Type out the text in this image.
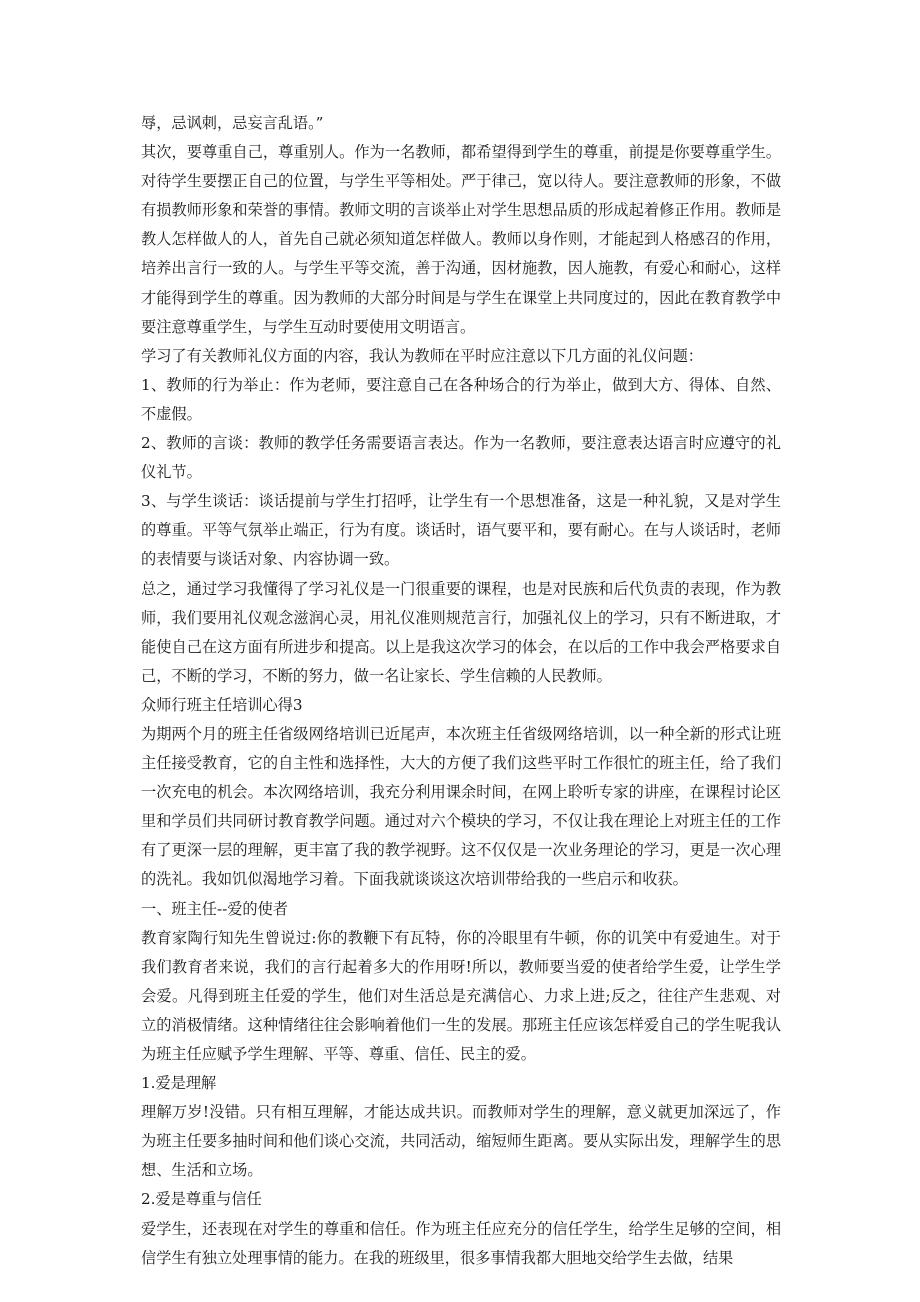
辱，忌讽刺，忌妄言乱语。”

其次，要尊重自己，尊重别人。作为一名教师，都希望得到学生的尊重，前提是你要尊重学生。对待学生要摆正自己的位置，与学生平等相处。严于律己，宽以待人。要注意教师的形象，不做有损教师形象和荣誉的事情。教师文明的言谈举止对学生思想品质的形成起着修正作用。教师是教人怎样做人的人，首先自己就必须知道怎样做人。教师以身作则，才能起到人格感召的作用，培养出言行一致的人。与学生平等交流，善于沟通，因材施教，因人施教，有爱心和耐心，这样才能得到学生的尊重。因为教师的大部分时间是与学生在课堂上共同度过的，因此在教育教学中要注意尊重学生，与学生互动时要使用文明语言。

学习了有关教师礼仪方面的内容，我认为教师在平时应注意以下几方面的礼仪问题：

1、教师的行为举止：作为老师，要注意自己在各种场合的行为举止，做到大方、得体、自然、不虚假。

2、教师的言谈：教师的教学任务需要语言表达。作为一名教师，要注意表达语言时应遵守的礼仪礼节。

3、与学生谈话：谈话提前与学生打招呼，让学生有一个思想准备，这是一种礼貌，又是对学生的尊重。平等气氛举止端正，行为有度。谈话时，语气要平和，要有耐心。在与人谈话时，老师的表情要与谈话对象、内容协调一致。

总之，通过学习我懂得了学习礼仪是一门很重要的课程，也是对民族和后代负责的表现，作为教师，我们要用礼仪观念滋润心灵，用礼仪准则规范言行，加强礼仪上的学习，只有不断进取，才能使自己在这方面有所进步和提高。以上是我这次学习的体会，在以后的工作中我会严格要求自己，不断的学习，不断的努力，做一名让家长、学生信赖的人民教师。

众师行班主任培训心得3

为期两个月的班主任省级网络培训已近尾声，本次班主任省级网络培训，以一种全新的形式让班主任接受教育，它的自主性和选择性，大大的方便了我们这些平时工作很忙的班主任，给了我们一次充电的机会。本次网络培训，我充分利用课余时间，在网上聆听专家的讲座，在课程讨论区里和学员们共同研讨教育教学问题。通过对六个模块的学习，不仅让我在理论上对班主任的工作有了更深一层的理解，更丰富了我的教学视野。这不仅仅是一次业务理论的学习，更是一次心理的洗礼。我如饥似渴地学习着。下面我就谈谈这次培训带给我的一些启示和收获。

一、班主任--爱的使者

教育家陶行知先生曾说过:你的教鞭下有瓦特，你的冷眼里有牛顿，你的讥笑中有爱迪生。对于我们教育者来说，我们的言行起着多大的作用呀!所以，教师要当爱的使者给学生爱，让学生学会爱。凡得到班主任爱的学生，他们对生活总是充满信心、力求上进;反之，往往产生悲观、对立的消极情绪。这种情绪往往会影响着他们一生的发展。那班主任应该怎样爱自己的学生呢我认为班主任应赋予学生理解、平等、尊重、信任、民主的爱。

1.爱是理解

理解万岁!没错。只有相互理解，才能达成共识。而教师对学生的理解，意义就更加深远了，作为班主任要多抽时间和他们谈心交流，共同活动，缩短师生距离。要从实际出发，理解学生的思想、生活和立场。

2.爱是尊重与信任

爱学生，还表现在对学生的尊重和信任。作为班主任应充分的信任学生，给学生足够的空间，相信学生有独立处理事情的能力。在我的班级里，很多事情我都大胆地交给学生去做，结果
